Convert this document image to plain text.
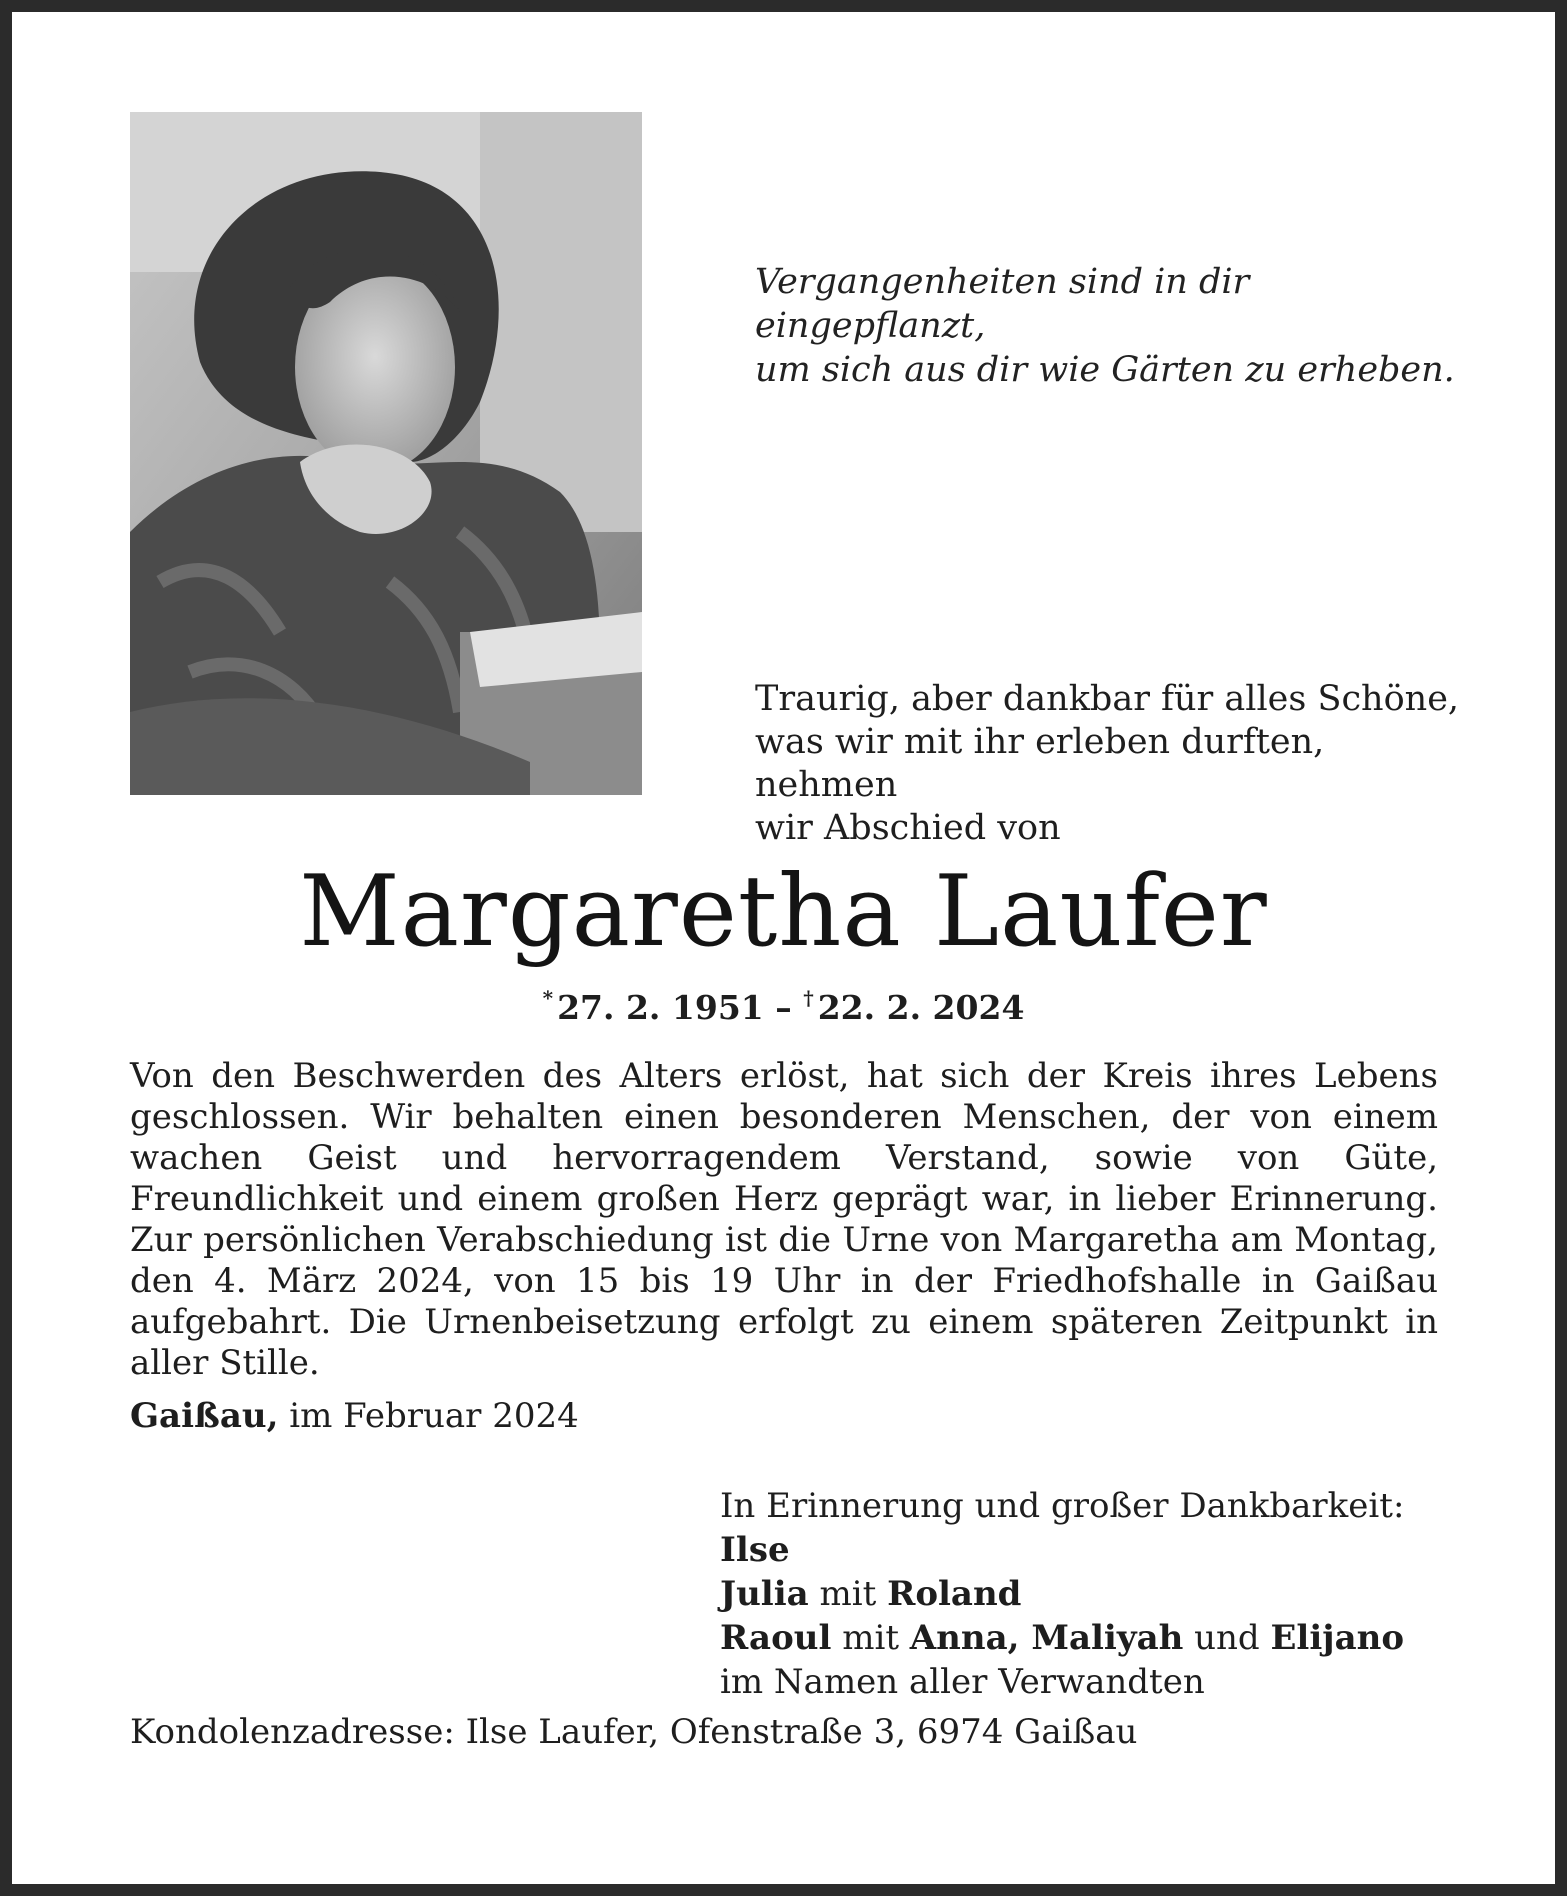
Vergangenheiten sind in dir eingepflanzt,
um sich aus dir wie Gärten zu erheben.
Traurig, aber dankbar für alles Schöne,
was wir mit ihr erleben durften, nehmen
wir Abschied von
Margaretha Laufer
* 27. 2. 1951 – † 22. 2. 2024
Von den Beschwerden des Alters erlöst, hat sich der Kreis ihres Lebens geschlossen. Wir behalten einen besonderen Menschen, der von einem wachen Geist und hervorragendem Verstand, sowie von Güte, Freundlichkeit und einem großen Herz geprägt war, in lieber Erinnerung. Zur persönlichen Verabschiedung ist die Urne von Margaretha am Montag, den 4. März 2024, von 15 bis 19 Uhr in der Friedhofshalle in Gaißau aufgebahrt. Die Urnenbeisetzung erfolgt zu einem späteren Zeitpunkt in aller Stille.
Gaißau, im Februar 2024
In Erinnerung und großer Dankbarkeit:
Ilse
Julia mit Roland
Raoul mit Anna, Maliyah und Elijano
im Namen aller Verwandten
Kondolenzadresse: Ilse Laufer, Ofenstraße 3, 6974 Gaißau
